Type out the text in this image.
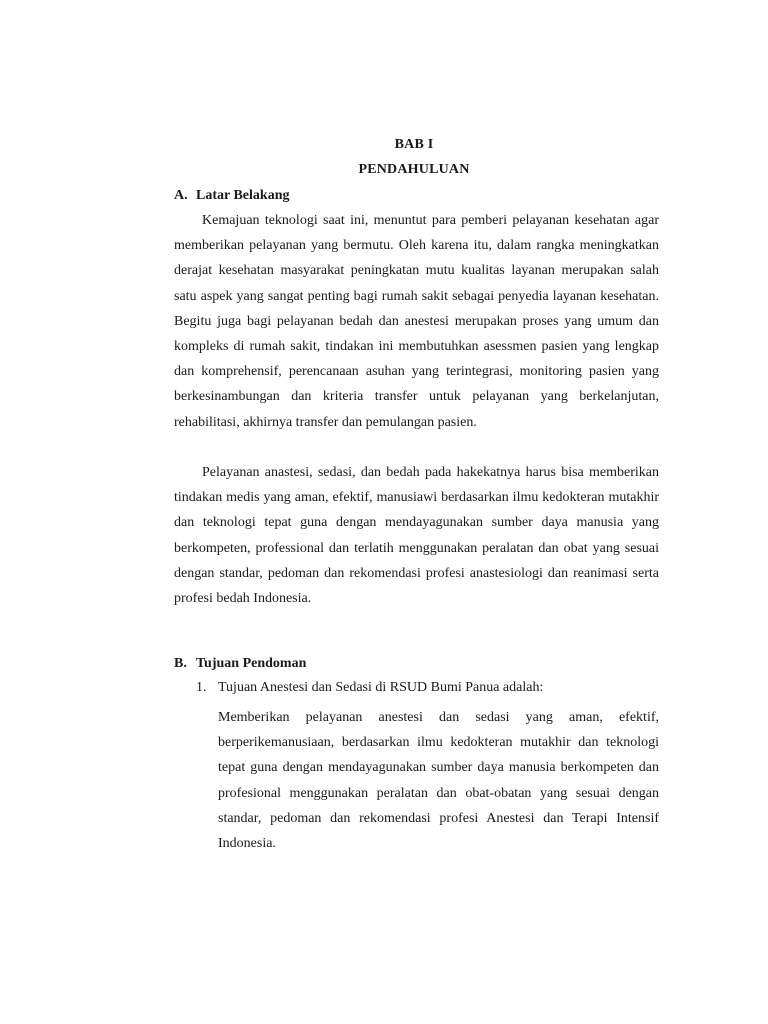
BAB I
PENDAHULUAN
A. Latar Belakang

Kemajuan teknologi saat ini, menuntut para pemberi pelayanan kesehatan agar memberikan pelayanan yang bermutu. Oleh karena itu, dalam rangka meningkatkan derajat kesehatan masyarakat peningkatan mutu kualitas layanan merupakan salah satu aspek yang sangat penting bagi rumah sakit sebagai penyedia layanan kesehatan. Begitu juga bagi pelayanan bedah dan anestesi merupakan proses yang umum dan kompleks di rumah sakit, tindakan ini membutuhkan asessmen pasien yang lengkap dan komprehensif, perencanaan asuhan yang terintegrasi, monitoring pasien yang berkesinambungan dan kriteria transfer untuk pelayanan yang berkelanjutan, rehabilitasi, akhirnya transfer dan pemulangan pasien.

Pelayanan anastesi, sedasi, dan bedah pada hakekatnya harus bisa memberikan tindakan medis yang aman, efektif, manusiawi berdasarkan ilmu kedokteran mutakhir dan teknologi tepat guna dengan mendayagunakan sumber daya manusia yang berkompeten, professional dan terlatih menggunakan peralatan dan obat yang sesuai dengan standar, pedoman dan rekomendasi profesi anastesiologi dan reanimasi serta profesi bedah Indonesia.

B. Tujuan Pendoman
1. Tujuan Anestesi dan Sedasi di RSUD Bumi Panua adalah:

Memberikan pelayanan anestesi dan sedasi yang aman, efektif, berperikemanusiaan, berdasarkan ilmu kedokteran mutakhir dan teknologi tepat guna dengan mendayagunakan sumber daya manusia berkompeten dan profesional menggunakan peralatan dan obat-obatan yang sesuai dengan standar, pedoman dan rekomendasi profesi Anestesi dan Terapi Intensif Indonesia.
